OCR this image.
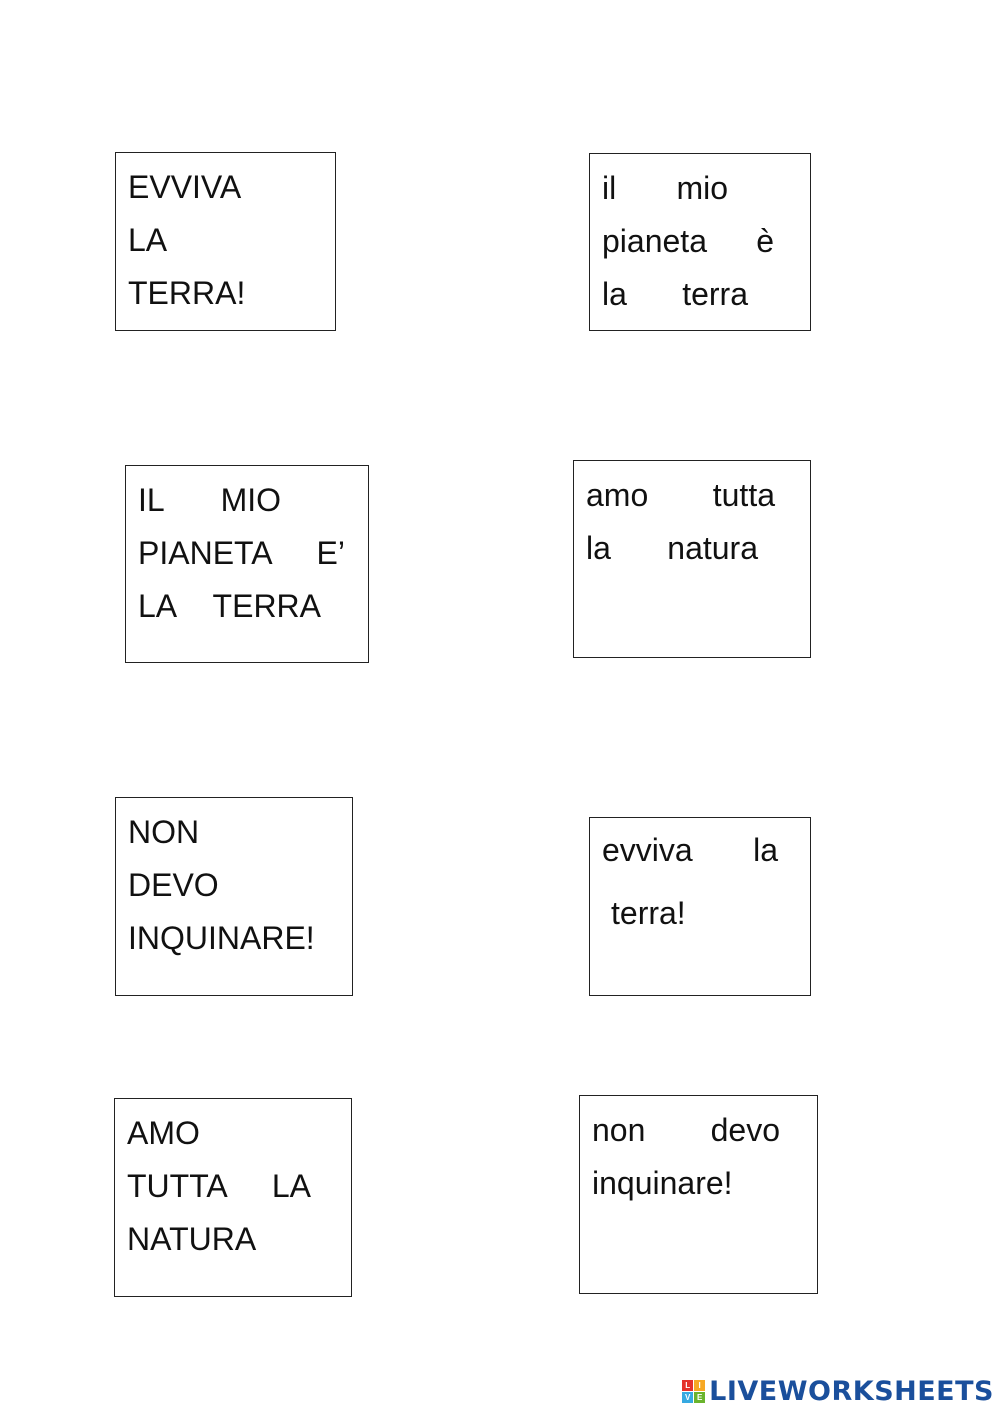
EVVIVA
LA
TERRA!
il mio
pianeta è
la terra
IL MIO
PIANETA E’
LA TERRA
amo tutta
la natura
NON
DEVO
INQUINARE!
evviva la
terra!
AMO
TUTTA LA
NATURA
non devo
inquinare!
L	I
V E LIVEWORKSHEETS
